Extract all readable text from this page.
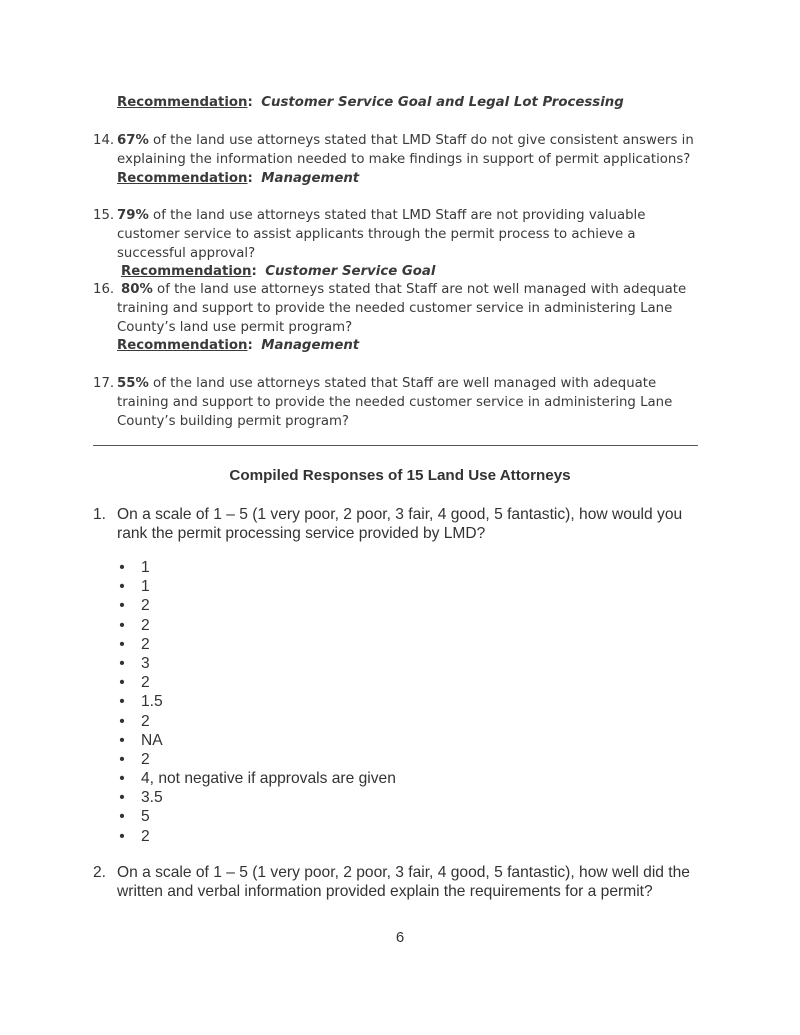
Recommendation: Customer Service Goal and Legal Lot Processing
14. 67% of the land use attorneys stated that LMD Staff do not give consistent answers in explaining the information needed to make findings in support of permit applications?
Recommendation: Management
15. 79% of the land use attorneys stated that LMD Staff are not providing valuable customer service to assist applicants through the permit process to achieve a successful approval?
Recommendation: Customer Service Goal
16. 80% of the land use attorneys stated that Staff are not well managed with adequate training and support to provide the needed customer service in administering Lane County’s land use permit program?
Recommendation: Management
17. 55% of the land use attorneys stated that Staff are well managed with adequate training and support to provide the needed customer service in administering Lane County’s building permit program?
Compiled Responses of 15 Land Use Attorneys
1. On a scale of 1 – 5 (1 very poor, 2 poor, 3 fair, 4 good, 5 fantastic), how would you rank the permit processing service provided by LMD?
• 1
• 1
• 2
• 2
• 2
• 3
• 2
• 1.5
• 2
• NA
• 2
• 4, not negative if approvals are given
• 3.5
• 5
• 2
2. On a scale of 1 – 5 (1 very poor, 2 poor, 3 fair, 4 good, 5 fantastic), how well did the written and verbal information provided explain the requirements for a permit?
6
